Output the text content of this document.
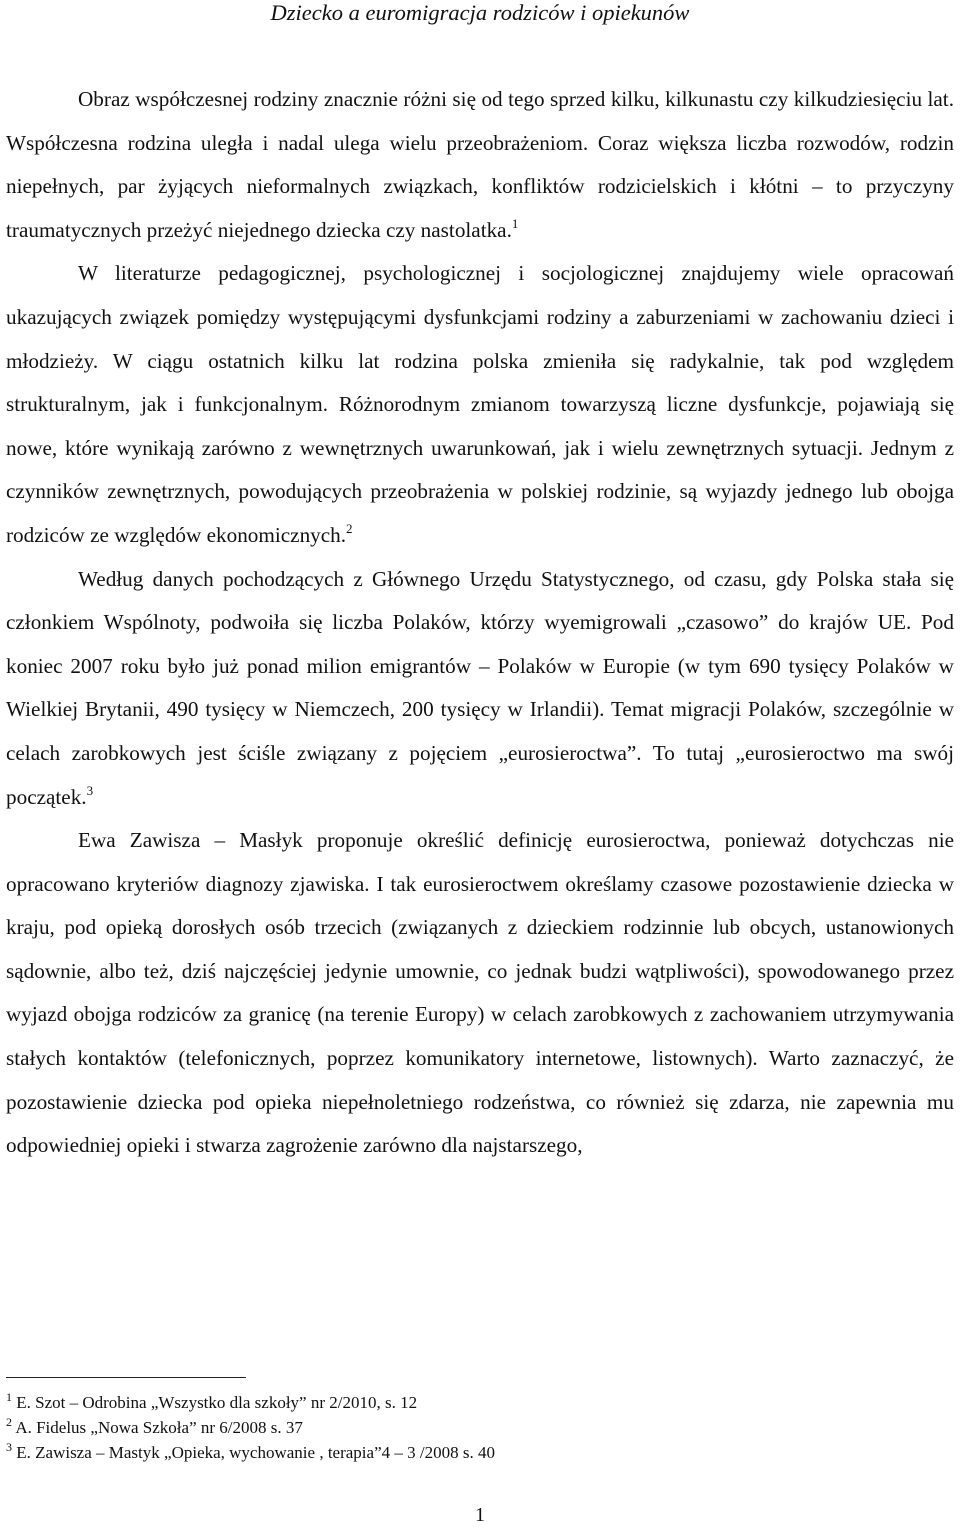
Dziecko a euromigracja rodziców i opiekunów

Obraz współczesnej rodziny znacznie różni się od tego sprzed kilku, kilkunastu czy kilkudziesięciu lat. Współczesna rodzina uległa i nadal ulega wielu przeobrażeniom. Coraz większa liczba rozwodów, rodzin niepełnych, par żyjących nieformalnych związkach, konfliktów rodzicielskich i kłótni – to przyczyny traumatycznych przeżyć niejednego dziecka czy nastolatka.$^1$

W literaturze pedagogicznej, psychologicznej i socjologicznej znajdujemy wiele opracowań ukazujących związek pomiędzy występującymi dysfunkcjami rodziny a zaburzeniami w zachowaniu dzieci i młodzieży. W ciągu ostatnich kilku lat rodzina polska zmieniła się radykalnie, tak pod względem strukturalnym, jak i funkcjonalnym. Różnorodnym zmianom towarzyszą liczne dysfunkcje, pojawiają się nowe, które wynikają zarówno z wewnętrznych uwarunkowań, jak i wielu zewnętrznych sytuacji. Jednym z czynników zewnętrznych, powodujących przeobrażenia w polskiej rodzinie, są wyjazdy jednego lub obojga rodziców ze względów ekonomicznych.$^2$

Według danych pochodzących z Głównego Urzędu Statystycznego, od czasu, gdy Polska stała się członkiem Wspólnoty, podwoiła się liczba Polaków, którzy wyemigrowali „czasowo” do krajów UE. Pod koniec 2007 roku było już ponad milion emigrantów – Polaków w Europie (w tym 690 tysięcy Polaków w Wielkiej Brytanii, 490 tysięcy w Niemczech, 200 tysięcy w Irlandii). Temat migracji Polaków, szczególnie w celach zarobkowych jest ściśle związany z pojęciem „eurosieroctwa”. To tutaj „eurosieroctwo ma swój początek.$^3$

Ewa Zawisza – Masłyk proponuje określić definicję eurosieroctwa, ponieważ dotychczas nie opracowano kryteriów diagnozy zjawiska. I tak eurosieroctwem określamy czasowe pozostawienie dziecka w kraju, pod opieką dorosłych osób trzecich (związanych z dzieckiem rodzinnie lub obcych, ustanowionych sądownie, albo też, dziś najczęściej jedynie umownie, co jednak budzi wątpliwości), spowodowanego przez wyjazd obojga rodziców za granicę (na terenie Europy) w celach zarobkowych z zachowaniem utrzymywania stałych kontaktów (telefonicznych, poprzez komunikatory internetowe, listownych). Warto zaznaczyć, że pozostawienie dziecka pod opieka niepełnoletniego rodzeństwa, co również się zdarza, nie zapewnia mu odpowiedniej opieki i stwarza zagrożenie zarówno dla najstarszego,

$^1$ E. Szot – Odrobina „Wszystko dla szkoły” nr 2/2010, s. 12
$^2$ A. Fidelus „Nowa Szkoła” nr 6/2008 s. 37
$^3$ E. Zawisza – Mastyk „Opieka, wychowanie , terapia”4 – 3 /2008 s. 40
1
